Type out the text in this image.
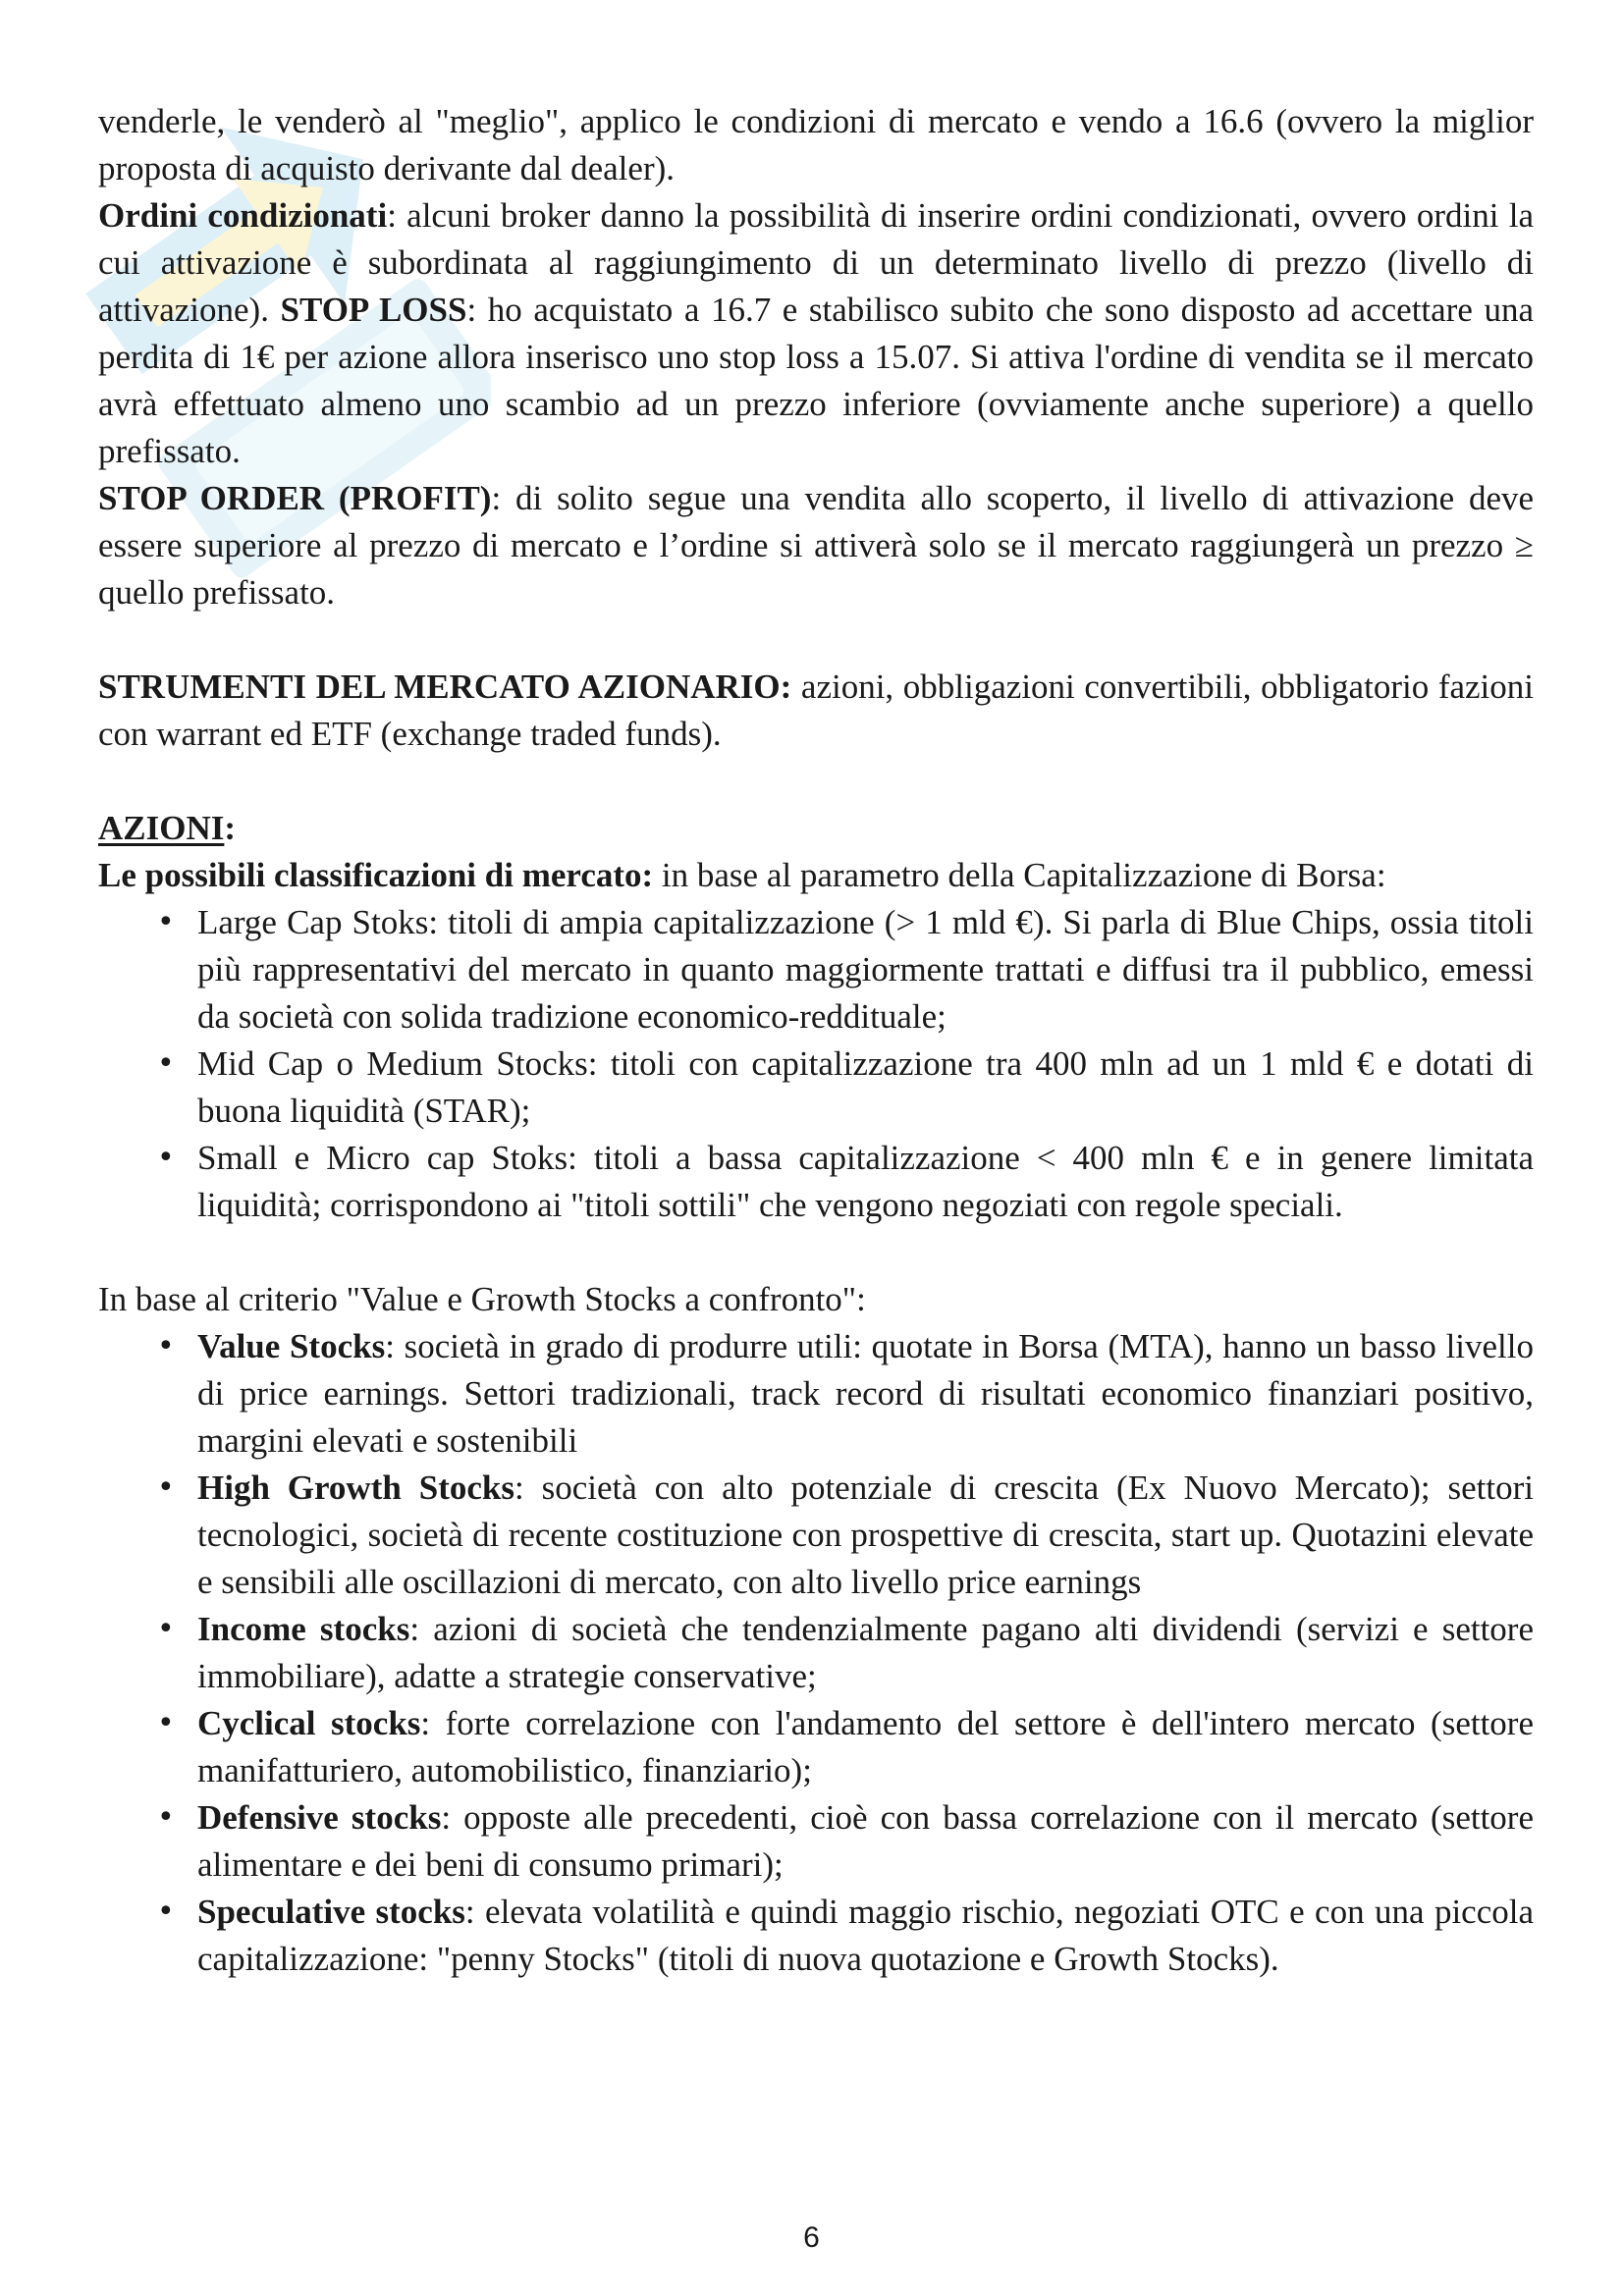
venderle, le venderò al "meglio", applico le condizioni di mercato e vendo a 16.6 (ovvero la miglior proposta di acquisto derivante dal dealer).

Ordini condizionati: alcuni broker danno la possibilità di inserire ordini condizionati, ovvero ordini la cui attivazione è subordinata al raggiungimento di un determinato livello di prezzo (livello di attivazione). STOP LOSS: ho acquistato a 16.7 e stabilisco subito che sono disposto ad accettare una perdita di 1€ per azione allora inserisco uno stop loss a 15.07. Si attiva l'ordine di vendita se il mercato avrà effettuato almeno uno scambio ad un prezzo inferiore (ovviamente anche superiore) a quello prefissato.

STOP ORDER (PROFIT): di solito segue una vendita allo scoperto, il livello di attivazione deve essere superiore al prezzo di mercato e l’ordine si attiverà solo se il mercato raggiungerà un prezzo ≥ quello prefissato.

STRUMENTI DEL MERCATO AZIONARIO: azioni, obbligazioni convertibili, obbligatorio fazioni con warrant ed ETF (exchange traded funds).

AZIONI:

Le possibili classificazioni di mercato: in base al parametro della Capitalizzazione di Borsa:

• Large Cap Stoks: titoli di ampia capitalizzazione (> 1 mld €). Si parla di Blue Chips, ossia titoli più rappresentativi del mercato in quanto maggiormente trattati e diffusi tra il pubblico, emessi da società con solida tradizione economico-reddituale;
• Mid Cap o Medium Stocks: titoli con capitalizzazione tra 400 mln ad un 1 mld € e dotati di buona liquidità (STAR);
• Small e Micro cap Stoks: titoli a bassa capitalizzazione < 400 mln € e in genere limitata liquidità; corrispondono ai "titoli sottili" che vengono negoziati con regole speciali.

In base al criterio "Value e Growth Stocks a confronto":

• Value Stocks: società in grado di produrre utili: quotate in Borsa (MTA), hanno un basso livello di price earnings. Settori tradizionali, track record di risultati economico finanziari positivo, margini elevati e sostenibili
• High Growth Stocks: società con alto potenziale di crescita (Ex Nuovo Mercato); settori tecnologici, società di recente costituzione con prospettive di crescita, start up. Quotazini elevate e sensibili alle oscillazioni di mercato, con alto livello price earnings
• Income stocks: azioni di società che tendenzialmente pagano alti dividendi (servizi e settore immobiliare), adatte a strategie conservative;
• Cyclical stocks: forte correlazione con l'andamento del settore è dell'intero mercato (settore manifatturiero, automobilistico, finanziario);
• Defensive stocks: opposte alle precedenti, cioè con bassa correlazione con il mercato (settore alimentare e dei beni di consumo primari);
• Speculative stocks: elevata volatilità e quindi maggio rischio, negoziati OTC e con una piccola capitalizzazione: "penny Stocks" (titoli di nuova quotazione e Growth Stocks).
6
